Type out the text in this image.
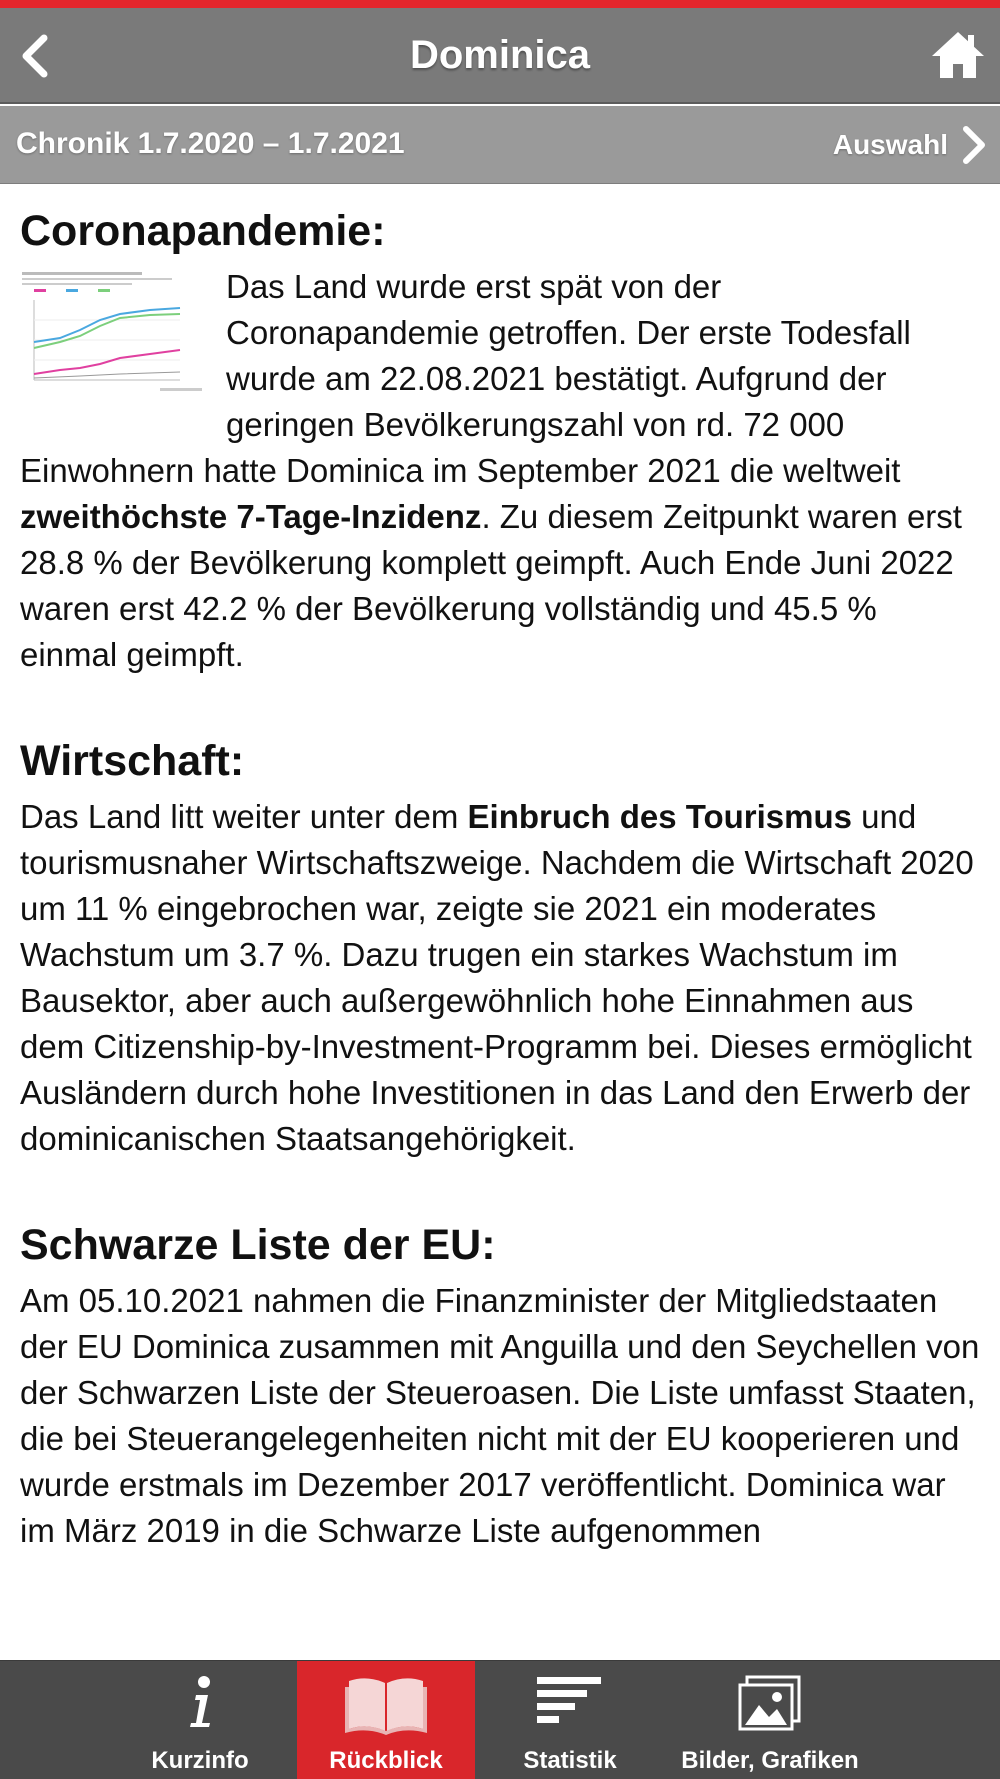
Dominica
Chronik 1.7.2020 – 1.7.2021	Auswahl
Coronapandemie:

Das Land wurde erst spät von der Coronapandemie getroffen. Der erste Todesfall wurde am 22.08.2021 bestätigt. Aufgrund der geringen Bevölkerungszahl von rd. 72 000 Einwohnern hatte Dominica im September 2021 die weltweit zweithöchste 7-Tage-Inzidenz. Zu diesem Zeitpunkt waren erst 28.8 % der Bevölkerung komplett geimpft. Auch Ende Juni 2022 waren erst 42.2 % der Bevölkerung vollständig und 45.5 % einmal geimpft.

Wirtschaft:

Das Land litt weiter unter dem Einbruch des Tourismus und tourismusnaher Wirtschaftszweige. Nachdem die Wirtschaft 2020 um 11 % eingebrochen war, zeigte sie 2021 ein moderates Wachstum um 3.7 %. Dazu trugen ein starkes Wachstum im Bausektor, aber auch außergewöhnlich hohe Einnahmen aus dem Citizenship-by-Investment-Programm bei. Dieses ermöglicht Ausländern durch hohe Investitionen in das Land den Erwerb der dominicanischen Staatsangehörigkeit.

Schwarze Liste der EU:

Am 05.10.2021 nahmen die Finanzminister der Mitgliedstaaten der EU Dominica zusammen mit Anguilla und den Seychellen von der Schwarzen Liste der Steueroasen. Die Liste umfasst Staaten, die bei Steuerangelegenheiten nicht mit der EU kooperieren und wurde erstmals im Dezember 2017 veröffentlicht. Dominica war im März 2019 in die Schwarze Liste aufgenommen

Kurzinfo	Rückblick	Statistik	Bilder, Grafiken
